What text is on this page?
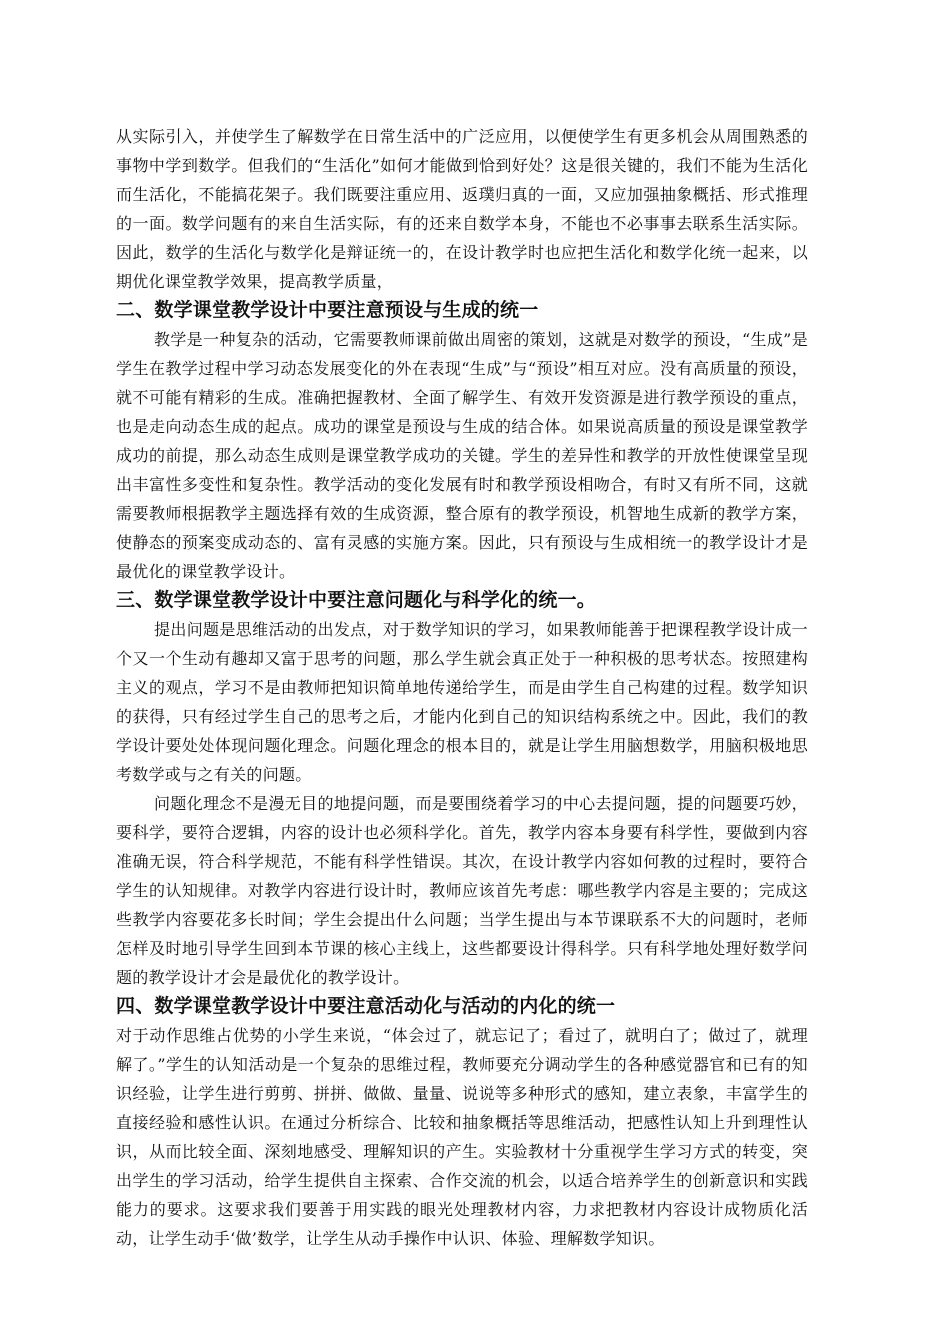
从实际引入，并使学生了解数学在日常生活中的广泛应用，以便使学生有更多机会从周围熟悉的事物中学到数学。但我们的“生活化”如何才能做到恰到好处？这是很关键的，我们不能为生活化而生活化，不能搞花架子。我们既要注重应用、返璞归真的一面，又应加强抽象概括、形式推理的一面。数学问题有的来自生活实际，有的还来自数学本身，不能也不必事事去联系生活实际。因此，数学的生活化与数学化是辩证统一的，在设计教学时也应把生活化和数学化统一起来，以期优化课堂教学效果，提高教学质量，

二、数学课堂教学设计中要注意预设与生成的统一

教学是一种复杂的活动，它需要教师课前做出周密的策划，这就是对数学的预设，“生成”是学生在教学过程中学习动态发展变化的外在表现“生成”与“预设”相互对应。没有高质量的预设，就不可能有精彩的生成。准确把握教材、全面了解学生、有效开发资源是进行教学预设的重点，也是走向动态生成的起点。成功的课堂是预设与生成的结合体。如果说高质量的预设是课堂教学成功的前提，那么动态生成则是课堂教学成功的关键。学生的差异性和教学的开放性使课堂呈现出丰富性多变性和复杂性。教学活动的变化发展有时和教学预设相吻合，有时又有所不同，这就需要教师根据教学主题选择有效的生成资源，整合原有的教学预设，机智地生成新的教学方案，使静态的预案变成动态的、富有灵感的实施方案。因此，只有预设与生成相统一的教学设计才是最优化的课堂教学设计。

三、数学课堂教学设计中要注意问题化与科学化的统一。

提出问题是思维活动的出发点，对于数学知识的学习，如果教师能善于把课程教学设计成一个又一个生动有趣却又富于思考的问题，那么学生就会真正处于一种积极的思考状态。按照建构主义的观点，学习不是由教师把知识简单地传递给学生，而是由学生自己构建的过程。数学知识的获得，只有经过学生自己的思考之后，才能内化到自己的知识结构系统之中。因此，我们的教学设计要处处体现问题化理念。问题化理念的根本目的，就是让学生用脑想数学，用脑积极地思考数学或与之有关的问题。

问题化理念不是漫无目的地提问题，而是要围绕着学习的中心去提问题，提的问题要巧妙，要科学，要符合逻辑，内容的设计也必须科学化。首先，教学内容本身要有科学性，要做到内容准确无误，符合科学规范，不能有科学性错误。其次，在设计教学内容如何教的过程时，要符合学生的认知规律。对教学内容进行设计时，教师应该首先考虑：哪些教学内容是主要的；完成这些教学内容要花多长时间；学生会提出什么问题；当学生提出与本节课联系不大的问题时，老师怎样及时地引导学生回到本节课的核心主线上，这些都要设计得科学。只有科学地处理好数学问题的教学设计才会是最优化的教学设计。

四、数学课堂教学设计中要注意活动化与活动的内化的统一

对于动作思维占优势的小学生来说，“体会过了，就忘记了；看过了，就明白了；做过了，就理解了。”学生的认知活动是一个复杂的思维过程，教师要充分调动学生的各种感觉器官和已有的知识经验，让学生进行剪剪、拼拼、做做、量量、说说等多种形式的感知，建立表象，丰富学生的直接经验和感性认识。在通过分析综合、比较和抽象概括等思维活动，把感性认知上升到理性认识，从而比较全面、深刻地感受、理解知识的产生。实验教材十分重视学生学习方式的转变，突出学生的学习活动，给学生提供自主探索、合作交流的机会，以适合培养学生的创新意识和实践能力的要求。这要求我们要善于用实践的眼光处理教材内容，力求把教材内容设计成物质化活动，让学生动手‘做’数学，让学生从动手操作中认识、体验、理解数学知识。
